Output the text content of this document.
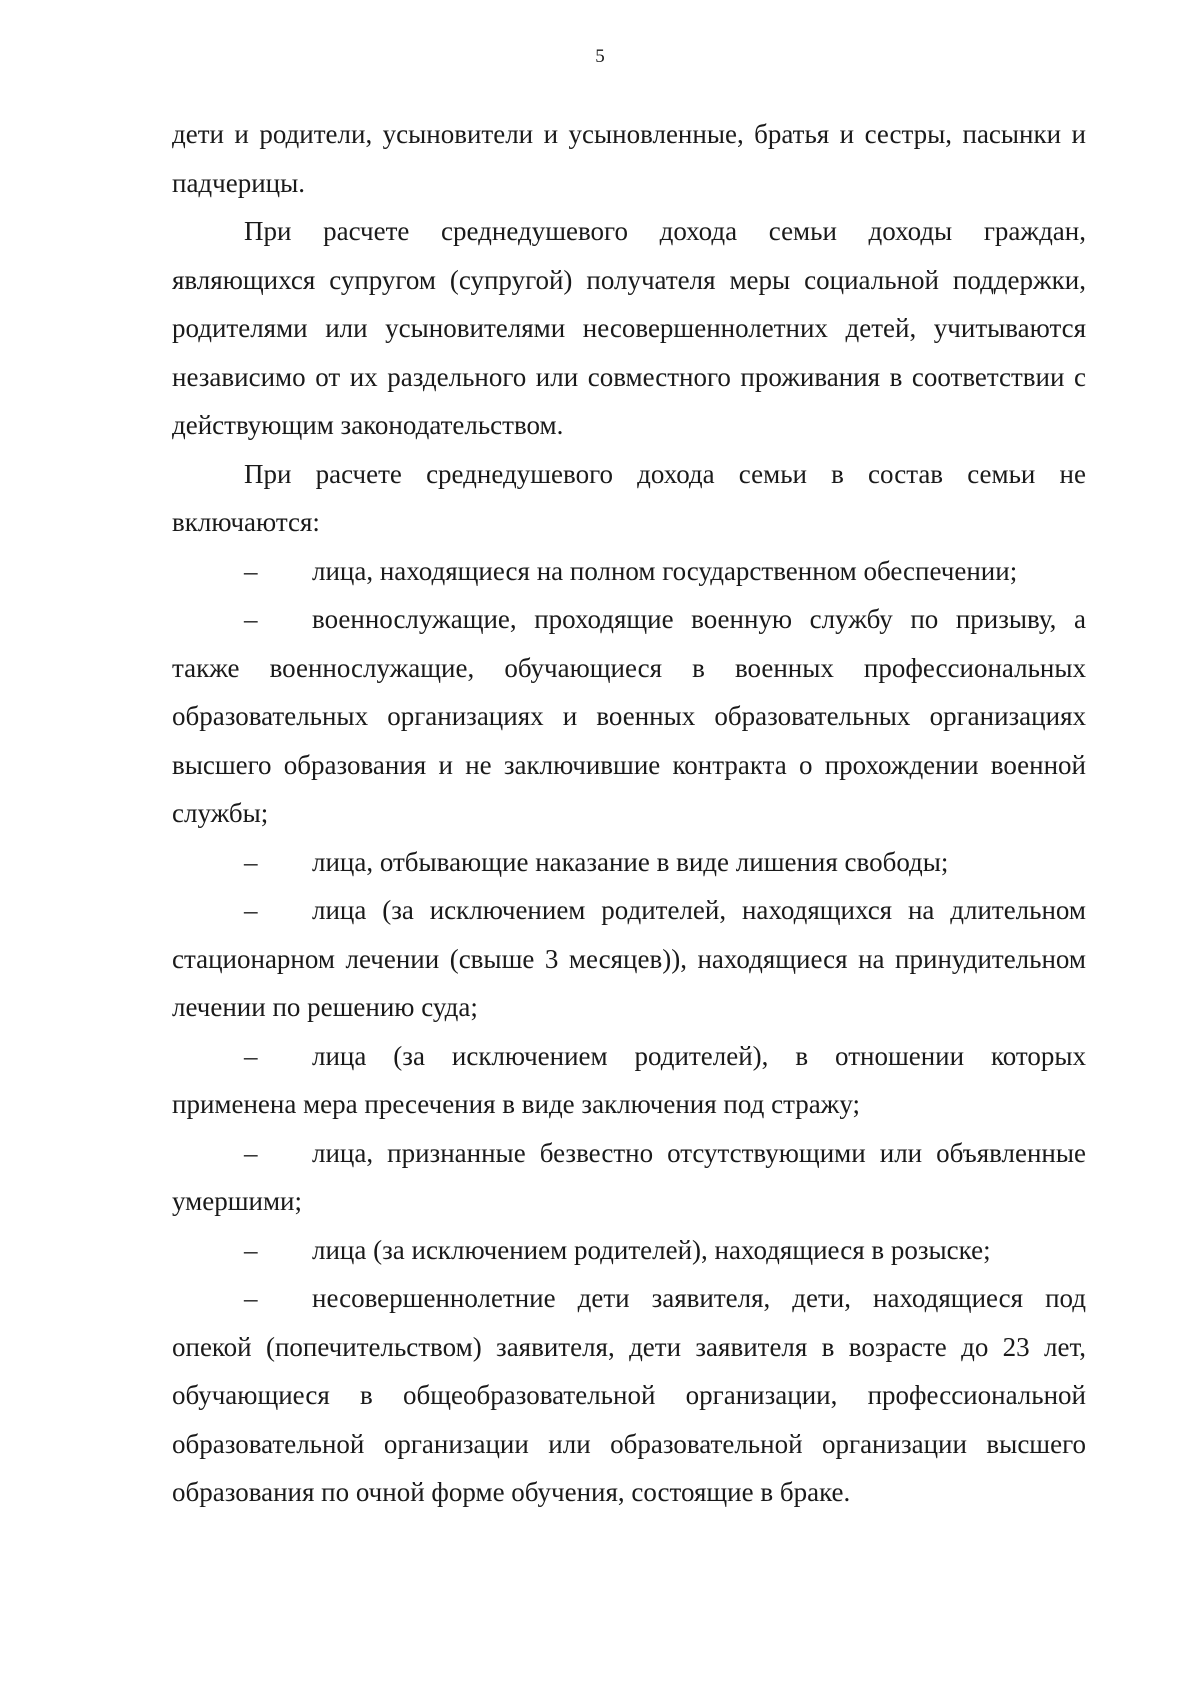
5

дети и родители, усыновители и усыновленные, братья и сестры, пасынки и падчерицы.

При расчете среднедушевого дохода семьи доходы граждан, являющихся супругом (супругой) получателя меры социальной поддержки, родителями или усыновителями несовершеннолетних детей, учитываются независимо от их раздельного или совместного проживания в соответствии с действующим законодательством.

При расчете среднедушевого дохода семьи в состав семьи не включаются:

– лица, находящиеся на полном государственном обеспечении;

– военнослужащие, проходящие военную службу по призыву, а также военнослужащие, обучающиеся в военных профессиональных образовательных организациях и военных образовательных организациях высшего образования и не заключившие контракта о прохождении военной службы;

– лица, отбывающие наказание в виде лишения свободы;

– лица (за исключением родителей, находящихся на длительном стационарном лечении (свыше 3 месяцев)), находящиеся на принудительном лечении по решению суда;

– лица (за исключением родителей), в отношении которых применена мера пресечения в виде заключения под стражу;

– лица, признанные безвестно отсутствующими или объявленные умершими;

– лица (за исключением родителей), находящиеся в розыске;

– несовершеннолетние дети заявителя, дети, находящиеся под опекой (попечительством) заявителя, дети заявителя в возрасте до 23 лет, обучающиеся в общеобразовательной организации, профессиональной образовательной организации или образовательной организации высшего образования по очной форме обучения, состоящие в браке.
